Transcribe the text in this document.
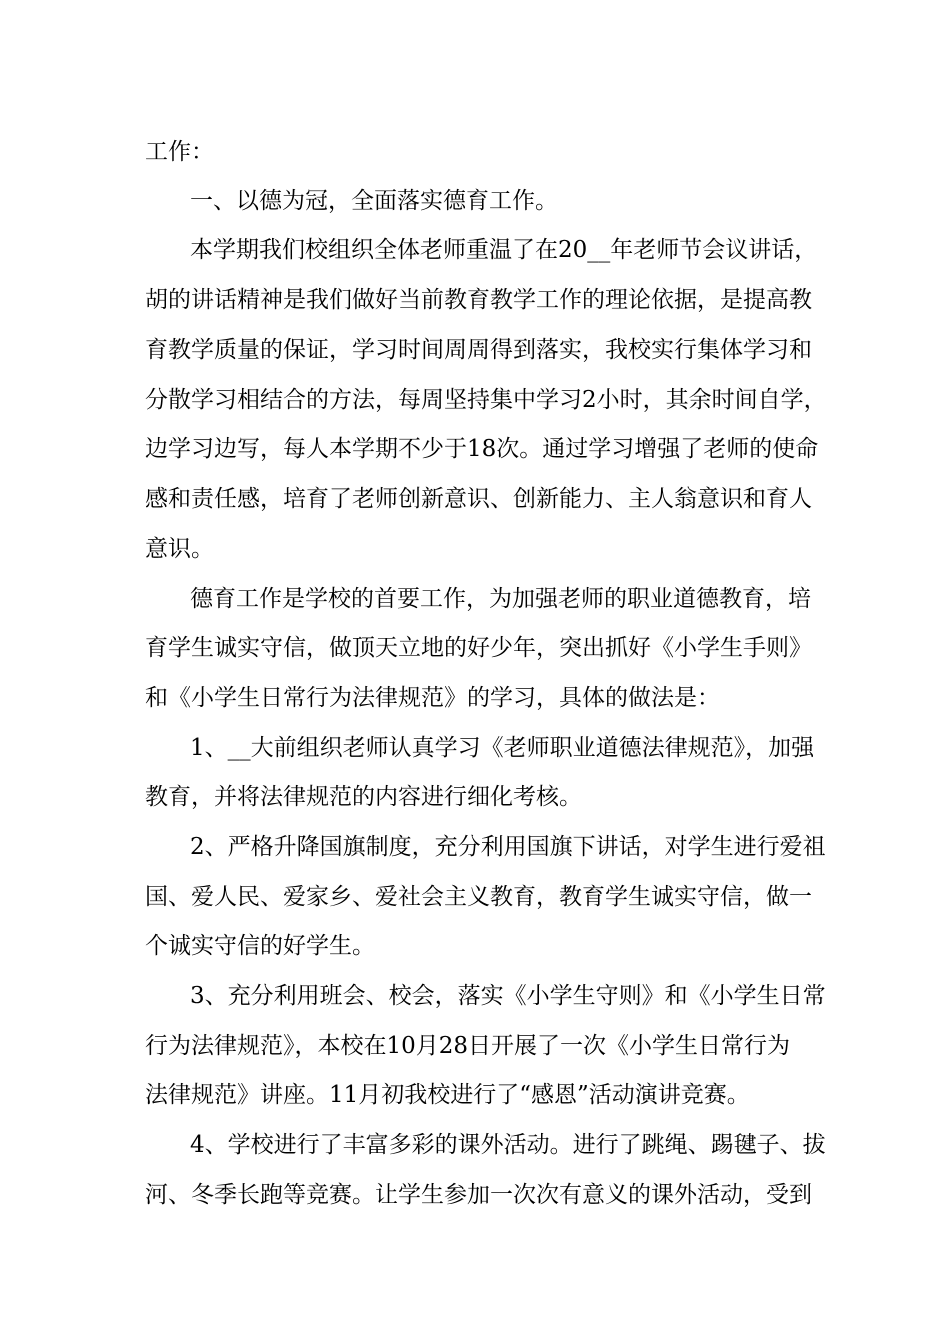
工作：
一、以德为冠，全面落实德育工作。
本学期我们校组织全体老师重温了在20__年老师节会议讲话，
胡的讲话精神是我们做好当前教育教学工作的理论依据，是提高教
育教学质量的保证，学习时间周周得到落实，我校实行集体学习和
分散学习相结合的方法，每周坚持集中学习2小时，其余时间自学，
边学习边写，每人本学期不少于18次。通过学习增强了老师的使命
感和责任感，培育了老师创新意识、创新能力、主人翁意识和育人
意识。
德育工作是学校的首要工作，为加强老师的职业道德教育，培
育学生诚实守信，做顶天立地的好少年，突出抓好《小学生手则》
和《小学生日常行为法律规范》的学习，具体的做法是：
1、__大前组织老师认真学习《老师职业道德法律规范》，加强
教育，并将法律规范的内容进行细化考核。
2、严格升降国旗制度，充分利用国旗下讲话，对学生进行爱祖
国、爱人民、爱家乡、爱社会主义教育，教育学生诚实守信，做一
个诚实守信的好学生。
3、充分利用班会、校会，落实《小学生守则》和《小学生日常
行为法律规范》，本校在10月28日开展了一次《小学生日常行为
法律规范》讲座。11月初我校进行了“感恩”活动演讲竞赛。
4、学校进行了丰富多彩的课外活动。进行了跳绳、踢毽子、拔
河、冬季长跑等竞赛。让学生参加一次次有意义的课外活动，受到
